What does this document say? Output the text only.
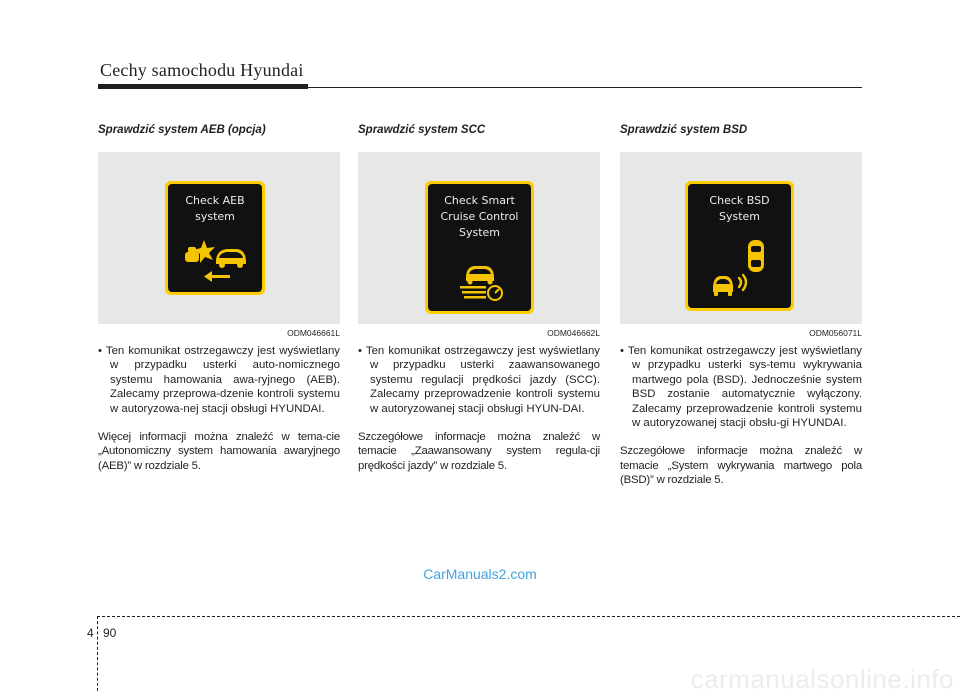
Cechy samochodu Hyundai
Sprawdzić system AEB (opcja)
Check AEB
system
ODM046661L

• Ten komunikat ostrzegawczy jest wyświetlany w przypadku usterki auto-nomicznego systemu hamowania awa-ryjnego (AEB). Zalecamy przeprowa-dzenie kontroli systemu w autoryzowa-nej stacji obsługi HYUNDAI.

Więcej informacji można znaleźć w tema-cie „Autonomiczny system hamowania awaryjnego (AEB)” w rozdziale 5.

Sprawdzić system SCC
Check Smart
Cruise Control
System
ODM046662L

• Ten komunikat ostrzegawczy jest wyświetlany w przypadku usterki zaawansowanego systemu regulacji prędkości jazdy (SCC). Zalecamy przeprowadzenie kontroli systemu w autoryzowanej stacji obsługi HYUN-DAI.

Szczegółowe informacje można znaleźć w temacie „Zaawansowany system regula-cji prędkości jazdy” w rozdziale 5.

Sprawdzić system BSD
Check BSD
System
ODM056071L

• Ten komunikat ostrzegawczy jest wyświetlany w przypadku usterki sys-temu wykrywania martwego pola (BSD). Jednocześnie system BSD zostanie automatycznie wyłączony. Zalecamy przeprowadzenie kontroli systemu w autoryzowanej stacji obsłu-gi HYUNDAI.

Szczegółowe informacje można znaleźć w temacie „System wykrywania martwego pola (BSD)” w rozdziale 5.

CarManuals2.com
4 90
carmanualsonline.info
